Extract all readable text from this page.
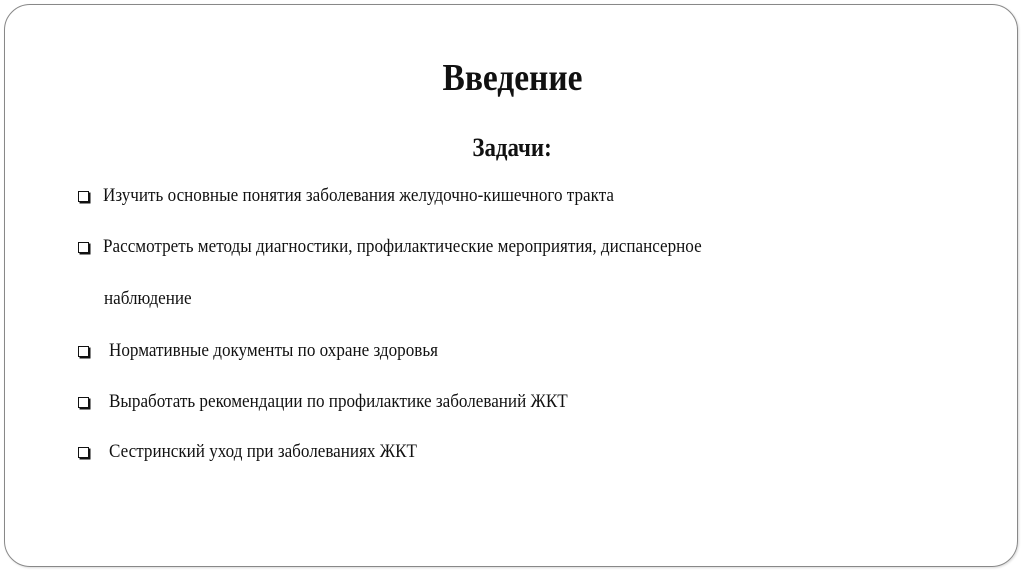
Введение
Задачи:
Изучить основные понятия заболевания желудочно-кишечного тракта
Рассмотреть методы диагностики, профилактические мероприятия, диспансерное
наблюдение
Нормативные документы по охране здоровья
Выработать рекомендации по профилактике заболеваний ЖКТ
Сестринский уход при заболеваниях ЖКТ
